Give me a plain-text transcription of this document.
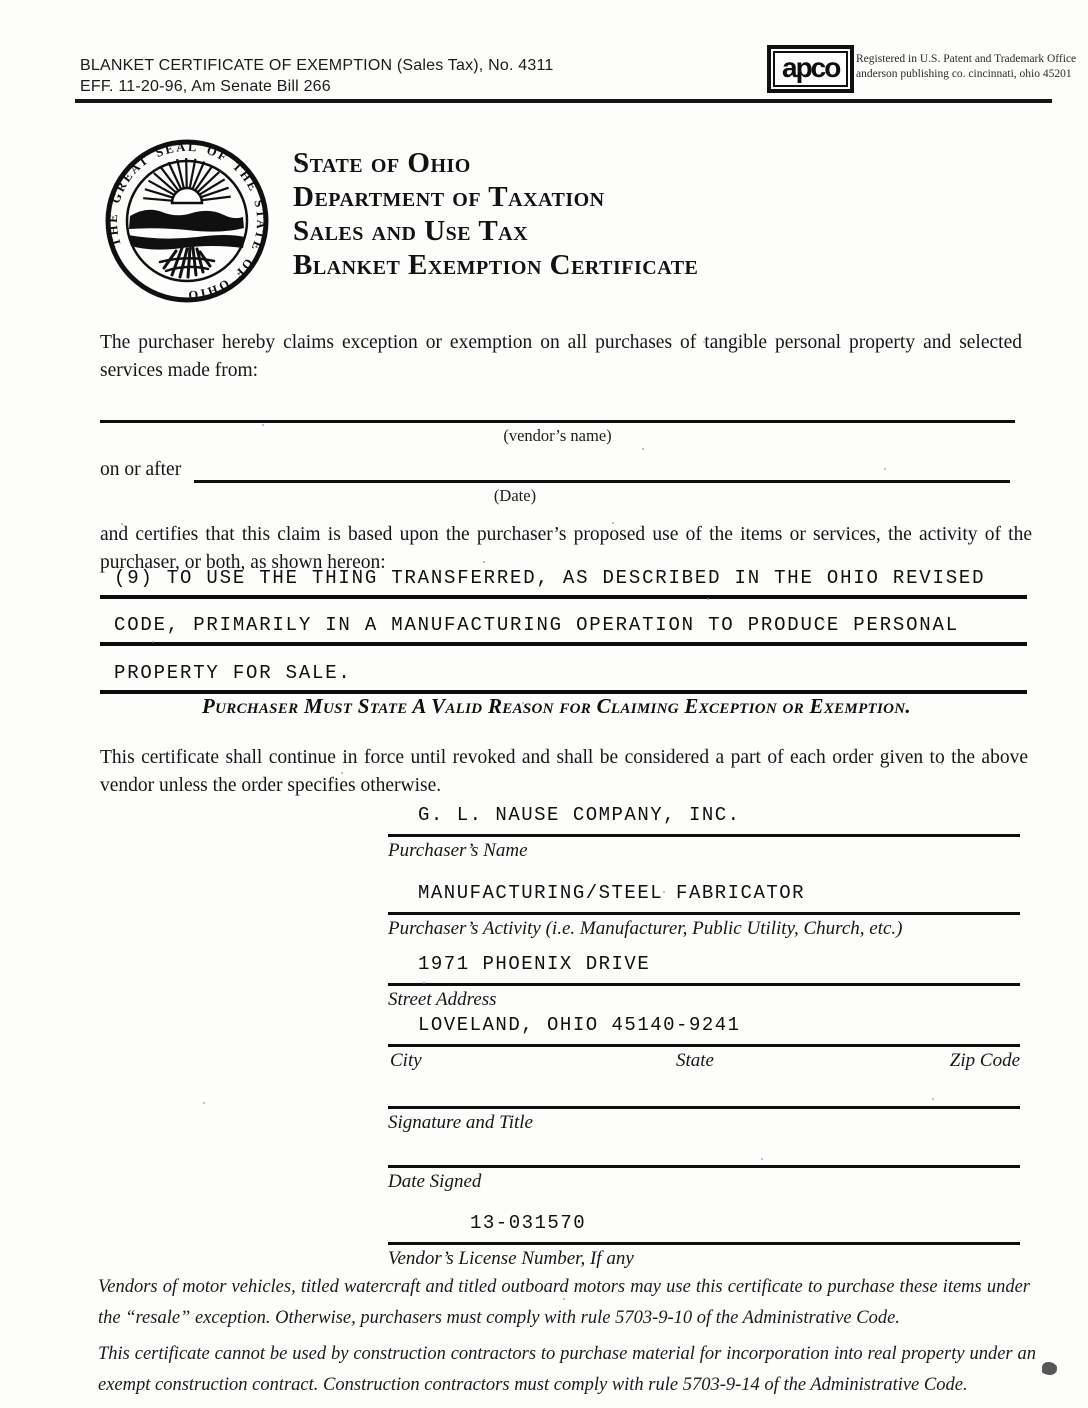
BLANKET CERTIFICATE OF EXEMPTION (Sales Tax), No. 4311
EFF. 11-20-96, Am Senate Bill 266
apco	Registered in U.S. Patent and Trademark Office
anderson publishing co. cincinnati, ohio 45201
THE GREAT SEAL OF THE STATE OF OHIO
State of Ohio
Department of Taxation
Sales and Use Tax
Blanket Exemption Certificate
The purchaser hereby claims exception or exemption on all purchases of tangible personal property and selected services made from:
(vendor’s name)
on or after
(Date)
and certifies that this claim is based upon the purchaser’s proposed use of the items or services, the activity of the purchaser, or both, as shown hereon:
(9) TO USE THE THING TRANSFERRED, AS DESCRIBED IN THE OHIO REVISED
CODE, PRIMARILY IN A MANUFACTURING OPERATION TO PRODUCE PERSONAL
PROPERTY FOR SALE.
Purchaser Must State A Valid Reason for Claiming Exception or Exemption.
This certificate shall continue in force until revoked and shall be considered a part of each order given to the above vendor unless the order specifies otherwise.
G. L. NAUSE COMPANY, INC.
Purchaser’s Name
MANUFACTURING/STEEL FABRICATOR
Purchaser’s Activity (i.e. Manufacturer, Public Utility, Church, etc.)
1971 PHOENIX DRIVE
Street Address
LOVELAND, OHIO 45140-9241
City	State	Zip Code
Signature and Title
Date Signed
13-031570
Vendor’s License Number, If any
Vendors of motor vehicles, titled watercraft and titled outboard motors may use this certificate to purchase these items under the “resale” exception. Otherwise, purchasers must comply with rule 5703-9-10 of the Administrative Code.
This certificate cannot be used by construction contractors to purchase material for incorporation into real property under an exempt construction contract. Construction contractors must comply with rule 5703-9-14 of the Administrative Code.
